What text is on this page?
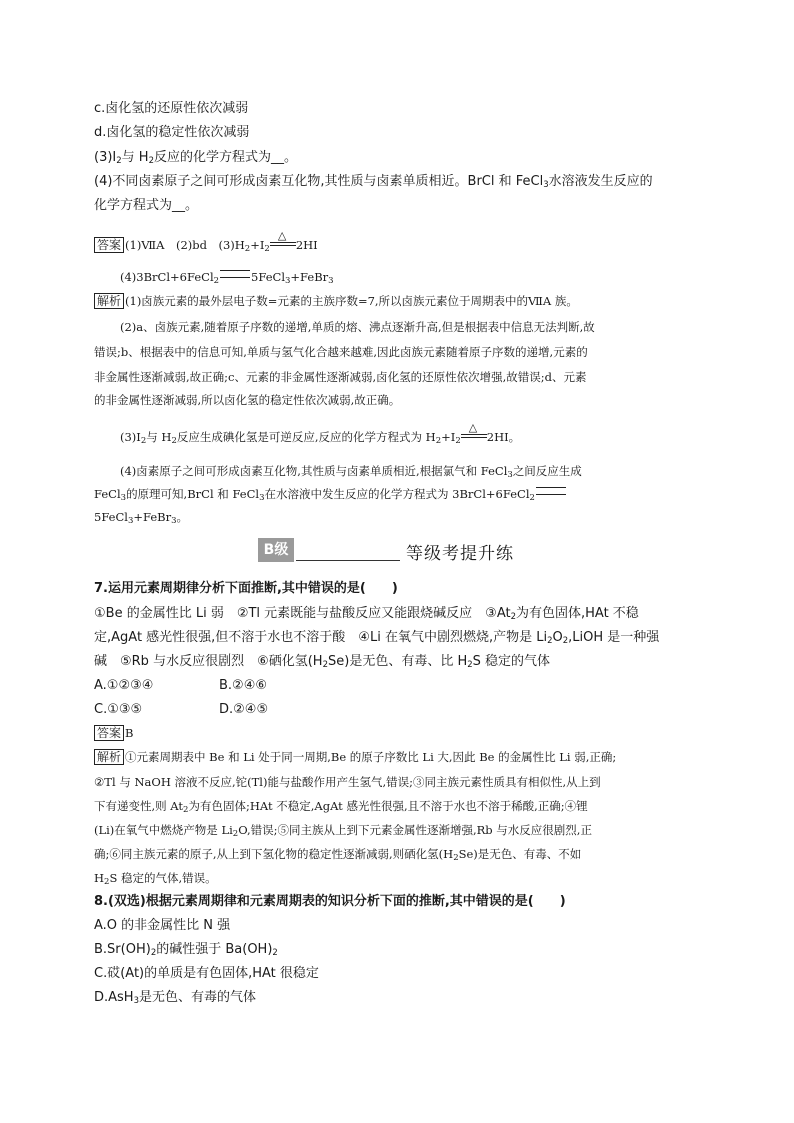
c.卤化氢的还原性依次减弱
d.卤化氢的稳定性依次减弱
$(3)I_2$与 $H_2$反应的化学方程式为__。
(4)不同卤素原子之间可形成卤素互化物,其性质与卤素单质相近。BrCl 和 FeCl$_3$水溶液发生反应的
化学方程式为__。
答案 (1)ⅦA　(2)bd　$(3)H_2+I_2$
△
2HI
(4)3BrCl+6FeCl$_2$	5FeCl$_3$+FeBr$_3$
解析 (1)卤族元素的最外层电子数=元素的主族序数=7,所以卤族元素位于周期表中的ⅦA 族。
(2)a、卤族元素,随着原子序数的递增,单质的熔、沸点逐渐升高,但是根据表中信息无法判断,故
错误;b、根据表中的信息可知,单质与氢气化合越来越难,因此卤族元素随着原子序数的递增,元素的
非金属性逐渐减弱,故正确;c、元素的非金属性逐渐减弱,卤化氢的还原性依次增强,故错误;d、元素
的非金属性逐渐减弱,所以卤化氢的稳定性依次减弱,故正确。
$(3)I_2$与 $H_2$反应生成碘化氢是可逆反应,反应的化学方程式为 $H_2+I_2$
△
2HI。
(4)卤素原子之间可形成卤素互化物,其性质与卤素单质相近,根据氯气和 FeCl$_3$之间反应生成
FeCl$_3$的原理可知,BrCl 和 FeCl$_3$在水溶液中发生反应的化学方程式为 3BrCl+6FeCl$_2$
5FeCl$_3$+FeBr$_3$。
B级	等级考提升练
7.运用元素周期律分析下面推断,其中错误的是(　　)
①Be 的金属性比 Li 弱　②Tl 元素既能与盐酸反应又能跟烧碱反应　$③At_2$为有色固体,HAt 不稳
定,AgAt 感光性很强,但不溶于水也不溶于酸　④Li 在氧气中剧烈燃烧,产物是 $Li_2O_2,LiOH$ 是一种强
碱　⑤Rb 与水反应很剧烈　⑥硒化氢$(H_2Se)$是无色、有毒、比 $H_2S$ 稳定的气体
A.①②③④	B.②④⑥
C.①③⑤	D.②④⑤
答案 B
解析 ①元素周期表中 Be 和 Li 处于同一周期,Be 的原子序数比 Li 大,因此 Be 的金属性比 Li 弱,正确;
②Tl 与 NaOH 溶液不反应,铊(Tl)能与盐酸作用产生氢气,错误;③同主族元素性质具有相似性,从上到
下有递变性,则 $At_2$为有色固体;HAt 不稳定,AgAt 感光性很强,且不溶于水也不溶于稀酸,正确;④锂
(Li)在氧气中燃烧产物是 $Li_2O$,错误;⑤同主族从上到下元素金属性逐渐增强,Rb 与水反应很剧烈,正
确;⑥同主族元素的原子,从上到下氢化物的稳定性逐渐减弱,则硒化氢$(H_2Se)$是无色、有毒、不如
$H_2S$ 稳定的气体,错误。
8.(双选)根据元素周期律和元素周期表的知识分析下面的推断,其中错误的是(　　)
A.O 的非金属性比 N 强
$B.Sr(OH)_2$的碱性强于 $Ba(OH)_2$
C.砹(At)的单质是有色固体,HAt 很稳定
D.AsH$_3$是无色、有毒的气体
